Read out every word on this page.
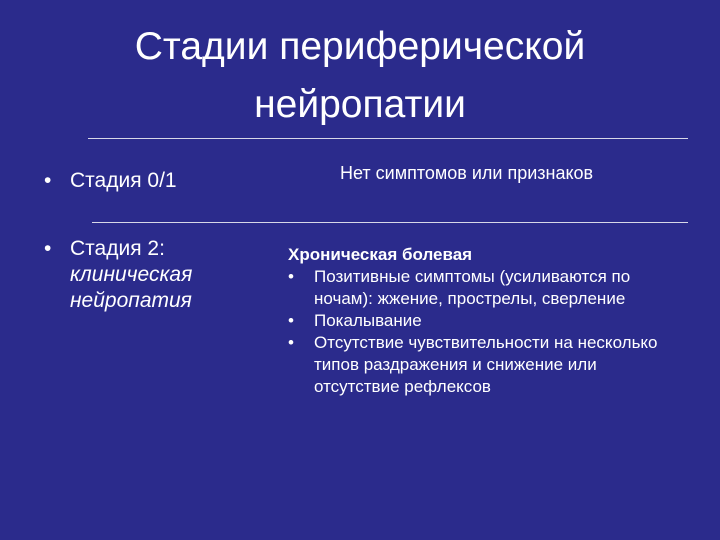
Стадии периферической
нейропатии
• Стадия 0/1	Нет симптомов или признаков
• Стадия 2:
клиническая
нейропатия
Хроническая болевая
• Позитивные симптомы (усиливаются по ночам): жжение, прострелы, сверление
• Покалывание
• Отсутствие чувствительности на несколько типов раздражения и снижение или отсутствие рефлексов
